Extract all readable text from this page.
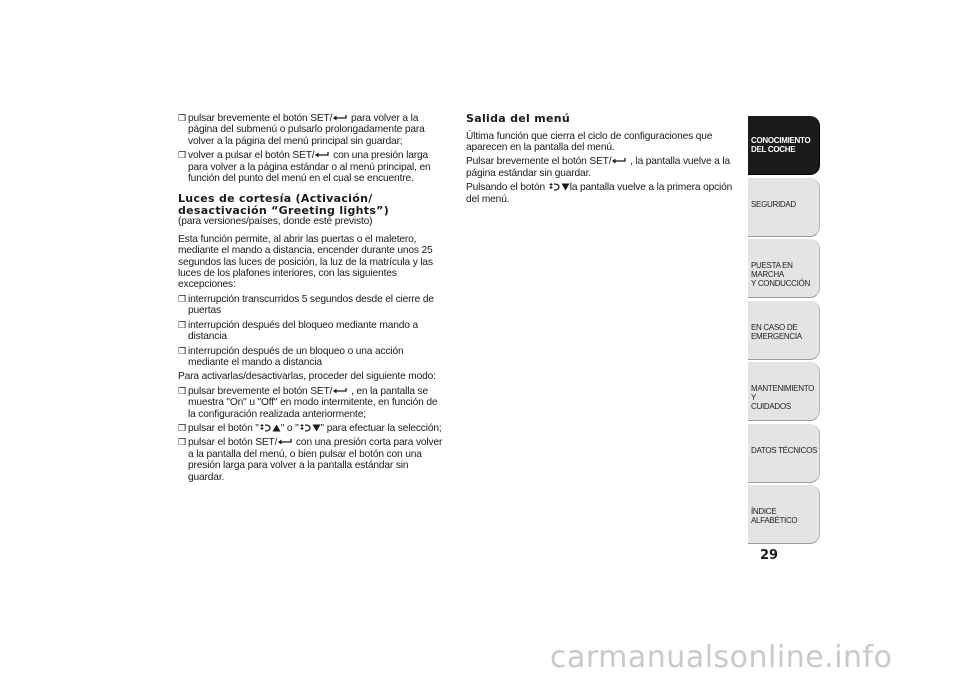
❒ pulsar brevemente el botón SET/
para volver a la página del submenú o pulsarlo prolongadamente para volver a la página del menú principal sin guardar;
❒ volver a pulsar el botón SET/
con una presión larga para volver a la página estándar o al menú principal, en función del punto del menú en el cual se encuentre.
Luces de cortesía (Activación/ desactivación “Greeting lights”)
(para versiones/países, donde esté previsto)
Esta función permite, al abrir las puertas o el maletero, mediante el mando a distancia, encender durante unos 25 segundos las luces de posición, la luz de la matrícula y las luces de los plafones interiores, con las siguientes excepciones:
❒ interrupción transcurridos 5 segundos desde el cierre de puertas
❒ interrupción después del bloqueo mediante mando a distancia
❒ interrupción después de un bloqueo o una acción mediante el mando a distancia
Para activarlas/desactivarlas, proceder del siguiente modo:
❒ pulsar brevemente el botón SET/
, en la pantalla se muestra "On" u "Off" en modo intermitente, en función de la configuración realizada anteriormente;
❒ pulsar el botón " " o " " para efectuar la selección;
❒ pulsar el botón SET/
con una presión corta para volver a la pantalla del menú, o bien pulsar el botón con una presión larga para volver a la pantalla estándar sin guardar.
Salida del menú
Última función que cierra el ciclo de configuraciones que aparecen en la pantalla del menú.
Pulsar brevemente el botón SET/
, la pantalla vuelve a la página estándar sin guardar.
Pulsando el botón
la pantalla vuelve a la primera opción del menú.
CONOCIMIENTO
DEL COCHE
SEGURIDAD
PUESTA EN MARCHA
Y CONDUCCIÓN
EN CASO DE
EMERGENCIA
MANTENIMIENTO Y
CUIDADOS
DATOS TÉCNICOS
ÍNDICE ALFABÉTICO
29
carmanualsonline.info
